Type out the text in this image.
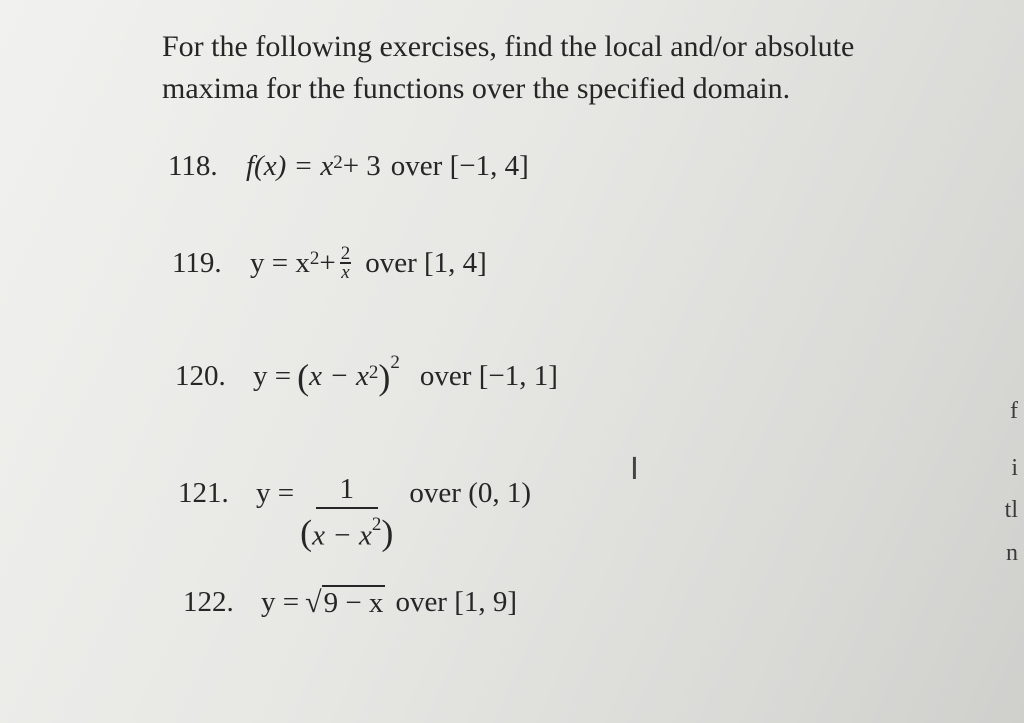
For the following exercises, find the local and/or absolute
maxima for the functions over the specified domain.

118. $f(x) = x^2 + 3$ over [−1, 4]
119. $y = x^2 + \frac{2}{x}$ over [1, 4]
120. y = ( $x - x^2$ )$^2$ over [−1, 1]
121. $y = \frac{1}{(x - x^2)}$ over (0, 1)
122. y = √ 9 − x over [1, 9]
I
f
i
tl
n
